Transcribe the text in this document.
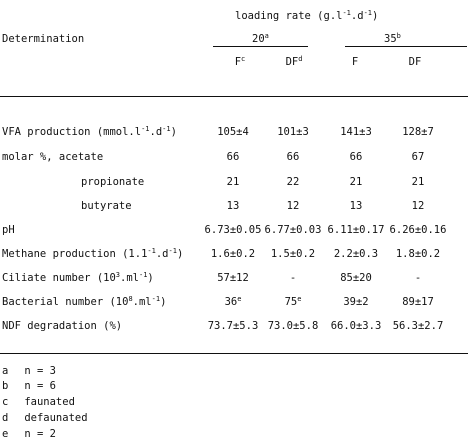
loading rate $(g.l^{-1}.d^{-1})$
Determination	20$^a$	35$^b$
$F^c$	$DF^d$	F	DF
VFA production $(mmol.l^{-1}.d^{-1})$	105±4	101±3	141±3	128±7
molar %, acetate	66	66	66	67
propionate	21	22	21	21
butyrate	13	12	13	12
pH	6.73±0.05 6.77±0.03 6.11±0.17 6.26±0.16
Methane production $(1.1^{-1}.d^{-1})$	1.6±0.2	1.5±0.2	2.2±0.3	1.8±0.2
Ciliate number $(10^3.ml^{-1})$	57±12	-	85±20	-
Bacterial number $(10^8.ml^{-1})$	36e	75e	39±2	89±17
NDF degradation (%)	73.7±5.3 73.0±5.8	66.0±3.3	56.3±2.7
a n = 3
b n = 6
c faunated
d defaunated
e n = 2
